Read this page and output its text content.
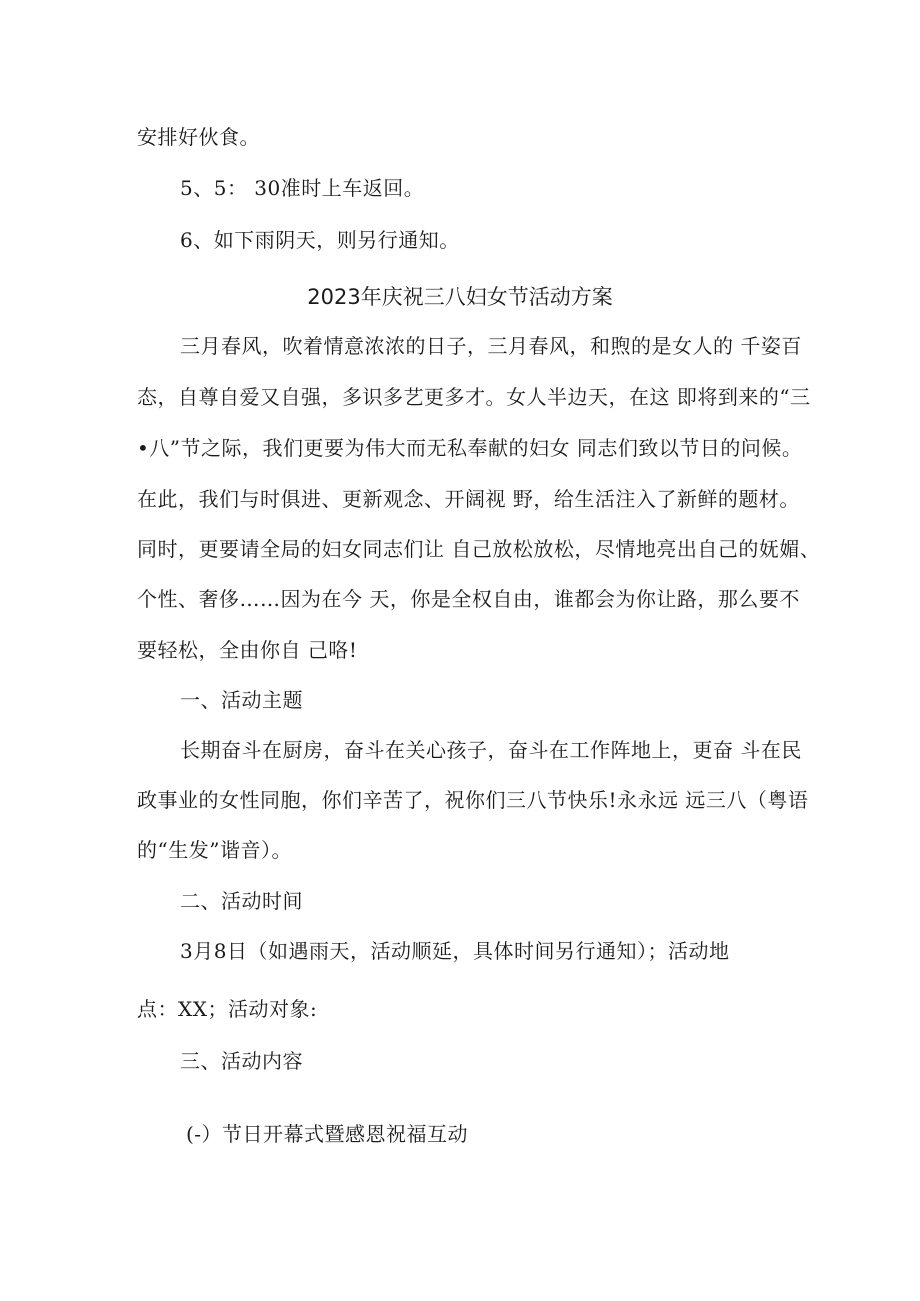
安排好伙食。
5、5： 30准时上车返回。
6、如下雨阴天，则另行通知。
2023年庆祝三八妇女节活动方案
三月春风，吹着情意浓浓的日子，三月春风，和煦的是女人的 千姿百
态，自尊自爱又自强，多识多艺更多才。女人半边天，在这 即将到来的“三
•八”节之际，我们更要为伟大而无私奉献的妇女 同志们致以节日的问候。
在此，我们与时俱进、更新观念、开阔视 野，给生活注入了新鲜的题材。
同时，更要请全局的妇女同志们让 自己放松放松，尽情地亮出自己的妩媚、
个性、奢侈……因为在今 天，你是全权自由，谁都会为你让路，那么要不
要轻松，全由你自 己咯!
一、活动主题
长期奋斗在厨房，奋斗在关心孩子，奋斗在工作阵地上，更奋 斗在民
政事业的女性同胞，你们辛苦了，祝你们三八节快乐!永永远 远三八（粤语
的“生发”谐音）。
二、活动时间
3月8日（如遇雨天，活动顺延，具体时间另行通知）；活动地
点：XX；活动对象:
三、活动内容
(-）节日开幕式暨感恩祝福互动
